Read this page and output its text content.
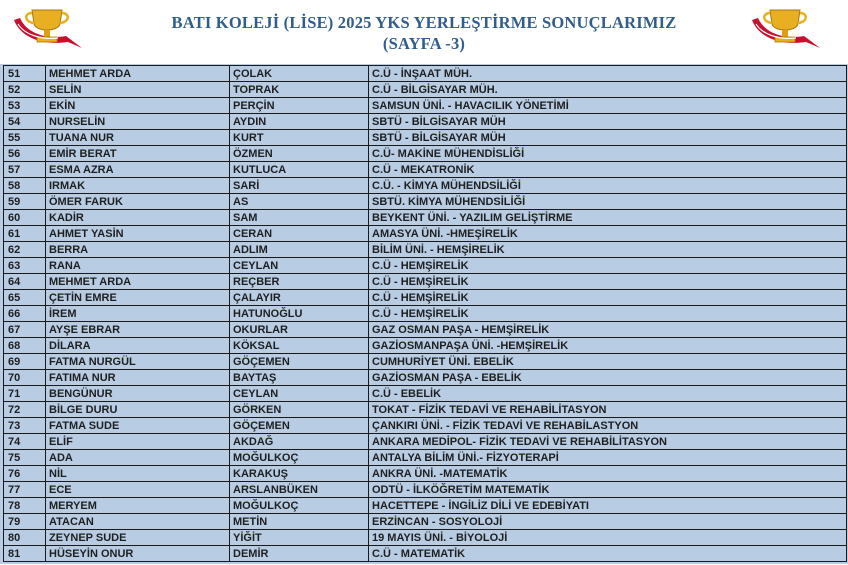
BATI KOLEJİ (LİSE) 2025 YKS YERLEŞTİRME SONUÇLARIMIZ
(SAYFA -3)
51	MEHMET ARDA	ÇOLAK	C.Ü - İNŞAAT MÜH.
52	SELİN	TOPRAK	C.Ü - BİLGİSAYAR MÜH.
53	EKİN	PERÇİN	SAMSUN ÜNİ. - HAVACILIK YÖNETİMİ
54	NURSELİN	AYDIN	SBTÜ - BİLGİSAYAR MÜH
55	TUANA NUR	KURT	SBTÜ - BİLGİSAYAR MÜH
56	EMİR BERAT	ÖZMEN	C.Ü- MAKİNE MÜHENDİSLİĞİ
57	ESMA AZRA	KUTLUCA	C.Ü - MEKATRONİK
58	IRMAK	SARİ	C.Ü. - KİMYA MÜHENDSİLİĞİ
59	ÖMER FARUK	AS	SBTÜ. KİMYA MÜHENDSİLİĞİ
60	KADİR	SAM	BEYKENT ÜNİ. - YAZILIM GELİŞTİRME
61	AHMET YASİN	CERAN	AMASYA ÜNİ. -HMEŞİRELİK
62	BERRA	ADLIM	BİLİM ÜNİ. - HEMŞİRELİK
63	RANA	CEYLAN	C.Ü - HEMŞİRELİK
64	MEHMET ARDA	REÇBER	C.Ü - HEMŞİRELİK
65	ÇETİN EMRE	ÇALAYIR	C.Ü - HEMŞİRELİK
66	İREM	HATUNOĞLU	C.Ü - HEMŞİRELİK
67	AYŞE EBRAR	OKURLAR	GAZ OSMAN PAŞA - HEMŞİRELİK
68	DİLARA	KÖKSAL	GAZİOSMANPAŞA ÜNİ. -HEMŞİRELİK
69	FATMA NURGÜL	GÖÇEMEN	CUMHURİYET ÜNİ. EBELİK
70	FATIMA NUR	BAYTAŞ	GAZİOSMAN PAŞA - EBELİK
71	BENGÜNUR	CEYLAN	C.Ü - EBELİK
72	BİLGE DURU	GÖRKEN	TOKAT - FİZİK TEDAVİ VE REHABİLİTASYON
73	FATMA SUDE	GÖÇEMEN	ÇANKIRI ÜNİ. - FİZİK TEDAVİ VE REHABİLASTYON
74	ELİF	AKDAĞ	ANKARA MEDİPOL- FİZİK TEDAVİ VE REHABİLİTASYON
75	ADA	MOĞULKOÇ	ANTALYA BİLİM ÜNİ.- FİZYOTERAPİ
76	NİL	KARAKUŞ	ANKRA ÜNİ. -MATEMATİK
77	ECE	ARSLANBÜKEN	ODTÜ - İLKÖĞRETİM MATEMATİK
78	MERYEM	MOĞULKOÇ	HACETTEPE - İNGİLİZ DİLİ VE EDEBİYATI
79	ATACAN	METİN	ERZİNCAN - SOSYOLOJİ
80	ZEYNEP SUDE	YİĞİT	19 MAYIS ÜNİ. - BİYOLOJİ
81	HÜSEYİN ONUR	DEMİR	C.Ü - MATEMATİK
